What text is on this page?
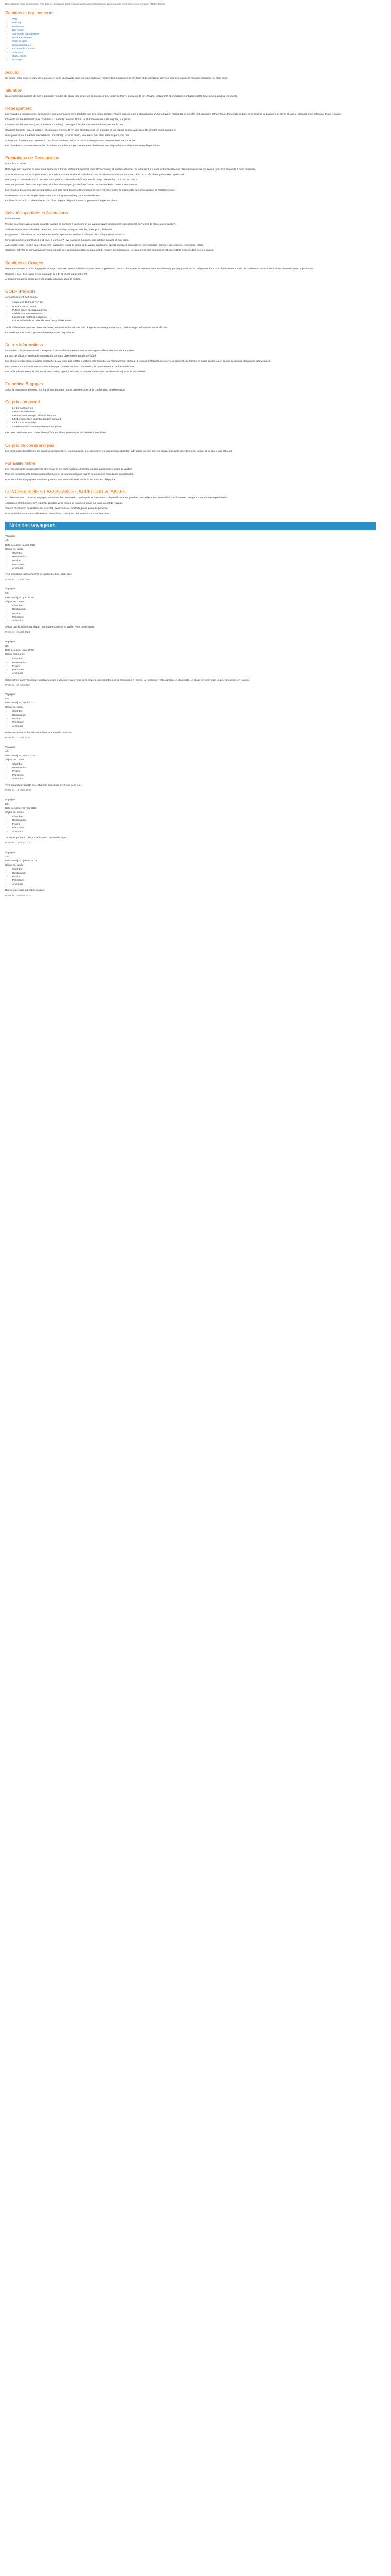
Description / Autre composition / Ce prix ne comprend pas/Formalités/Consignes/Conditions générales de vente Carrefour Voyages / Dates Extras

Services et équipements
• Wifi
• Parking
• Restaurant
• Bar-snack
• Service de blanchisserie
• Piscine extérieure
• Salle de sport
• Sports nautiques
• Location de voitures
• Animation
• Club enfants
• Boutique
Accueil

Un séjour placé sous le signe de la détente et de la découverte dans un cadre idyllique. Profitez d'un emplacement privilégié et de nombreux services pour des vacances réussies en famille ou entre amis.

Situation

Idéalement situé en bord de mer, à quelques minutes du centre-ville et de ses commerces. L'aéroport se trouve à environ 30 km. Plages, restaurants et animations sont accessibles facilement à pied ou en navette.

Hébergement

Les chambres, spacieuses et lumineuses, sont aménagées avec goût dans un style contemporain. Toutes disposent de la climatisation, d'une télévision écran plat, d'un coffre-fort, d'un mini-réfrigérateur, d'une salle de bain avec douche ou baignoire et sèche-cheveux, ainsi que d'un balcon ou d'une terrasse.

Chambre double standard (max. 2 adultes + 1 enfant) : environ 25 m², un lit double ou deux lits simples, vue jardin.

Chambre double vue mer (max. 2 adultes + 1 enfant) : identique à la chambre standard avec vue sur la mer.

Chambre familiale (max. 2 adultes + 2 enfants) : environ 35 m², une chambre avec un lit double et un espace séparé avec deux lits simples ou un canapé-lit.

Suite junior (max. 3 adultes ou 2 adultes + 2 enfants) : environ 45 m², un espace nuit et un salon séparé, vue mer.

Suite (max. 4 personnes) : environ 60 m², deux chambres, salon, terrasse aménagée avec vue panoramique sur la mer.

Les chambres communicantes et les chambres adaptées aux personnes à mobilité réduite sont disponibles sur demande, selon disponibilités.

Prestations de Restauration

Formule tout inclus

Petit-déjeuner, déjeuner et dîner sous forme de buffet au restaurant principal, avec show-cooking et soirées à thème. Un restaurant à la carte est accessible sur réservation une fois par séjour (pour tout séjour de 7 nuits minimum).

Snacks servis au bar de la piscine de 10h à 18h. Boissons locales alcoolisées et non alcoolisées servies au verre de 10h à 23h. Café, thé et pâtisseries l'après-midi.

Bar principal : ouvert de 10h à 00h. Bar de la piscine : ouvert de 10h à 18h. Bar de plage : ouvert de 10h à 18h en saison.

Avec supplément : boissons importées, vins fins, champagne, jus de fruits frais et certains cocktails. Service en chambre.

Les horaires d'ouverture des restaurants et des bars sont donnés à titre indicatif et peuvent varier selon la saison et le taux d'occupation de l'établissement.

Une tenue correcte est exigée au restaurant le soir (pantalon long pour les messieurs).

Le dîner du 24 et du 31 décembre est un dîner de gala obligatoire, avec supplément à régler sur place.

Activités sportives et Animations

Inclus/Gratuit

Piscine extérieure avec espace enfants, transats et parasols à la piscine et sur la plage (dans la limite des disponibilités), serviettes de plage (avec caution).

Salle de fitness, tennis de table, pétanque, beach-volley, aquagym, aérobic, water-polo, fléchettes.

Programme d'animations en journée et en soirée, spectacles, soirées à thème et discothèque selon la saison.

Mini-club pour les enfants de 4 à 12 ans, 6 jours sur 7, avec activités ludiques, jeux, ateliers créatifs et mini-disco.

Avec supplément : centre spa et bien-être (massages, soins du corps et du visage, hammam), sports nautiques motorisés et non motorisés, plongée sous-marine, excursions, billard.

Certaines activités et animations peuvent dépendre des conditions météorologiques et du nombre de participants. Le programme des animations est susceptible d'être modifié selon la saison.

Services et Congés

Réception ouverte 24h/24, bagagerie, change, boutique, service de blanchisserie (avec supplément), service de location de voitures (avec supplément), parking gratuit, accès Wifi gratuit dans tout l'établissement, salle de conférence, service médical sur demande (avec supplément).

Horaires : 24h - 24h (avec check-in à partir de 14h et check-out avant 12h).

Animaux non admis. Carte de crédit exigée à l'arrivée pour la caution.

GOLF (Payant)

À l'établissement Golf Course

• 1 parcours 18 trous PAR 72
• Practice de 25 postes
• Putting green et chipping green
• Club house avec restaurant
• Location de matériel et chariots
• Cours individuels et collectifs avec des professionnels

Tarifs préférentiels pour les clients de l'hôtel, réservation des départs à la réception. Navette gratuite entre l'hôtel et le golf selon les horaires affichés.

Le handicap et la licence peuvent être exigés selon le parcours.

Autres informations

Le nombre d'étoiles mentionné correspond à la classification en normes locales et peut différer des normes françaises.

La taxe de séjour, si applicable, est à régler sur place directement auprès de l'hôtel.

Les photos sont présentées à titre indicatif et peuvent ne pas refléter exactement la chambre ou l'hébergement attribué. Certaines installations ou services peuvent être fermés en basse saison ou en cas de conditions climatiques défavorables.

Il est recommandé d'avoir une assurance voyage couvrant les frais d'annulation, de rapatriement et de frais médicaux.

Les tarifs affichés sont calculés sur la base de l'occupation indiquée et peuvent varier selon les dates de séjour et la disponibilité.

Franchise Bagages

Selon la compagnie aérienne, vos franchises bagages seront précisées lors de la confirmation de réservation.

Ce prix comprend
• Le transport aérien
• Les taxes aériennes
• Les transferts aéroport / hôtel / aéroport
• L'hébergement en chambre double standard
• La formule tout inclus
• L'assistance de notre représentant sur place

Les taxes aériennes sont susceptibles d'être modifiées jusqu'au jour de l'émission des billets.

Ce prix ne comprend pas

Les assurances facultatives, les dépenses personnelles, les pourboires, les excursions, les suppléments chambre individuelle ou vue mer, les activités payantes mentionnées, la taxe de séjour le cas échéant.

Formalité fiable

Les ressortissants français doivent être munis d'une carte nationale d'identité ou d'un passeport en cours de validité.

Pour les ressortissants d'autres nationalités, merci de vous renseigner auprès des autorités consulaires compétentes.

Pour les mineurs voyageant sans leurs parents, une autorisation de sortie du territoire est obligatoire.

CONCIERGERIE ET ASSISTANCE CARREFOUR VOYAGES

En réservant avec Carrefour Voyages, bénéficiez d'un service de conciergerie et d'assistance disponible avant et pendant votre séjour. Nos conseillers sont à votre écoute pour toute demande particulière.

Assistance téléphonique 7j/7 et 24h/24 pendant votre séjour au numéro indiqué sur votre carnet de voyage.

Service réservation de restaurants, activités, excursions et transferts privés selon disponibilité.

Pour toute demande de modification ou d'annulation, contactez directement notre service client.

Note des voyageurs

Voyageur

4/5

Date de séjour : juillet 2023

Séjour en famille

• Chambre
• Restauration
• Piscine
• Personnel
• Animation

Très bon séjour, personnel très accueillant et hôtel bien situé.

Posté le : 15 août 2023

Voyageur

5/5

Date de séjour : juin 2023

Séjour en couple

• Chambre
• Restauration
• Piscine
• Personnel
• Animation

Séjour parfait, hôtel magnifique, nourriture excellente et variée. Nous reviendrons.

Posté le : 2 juillet 2023

Voyageur

3/5

Date de séjour : mai 2023

Séjour entre amis

• Chambre
• Restauration
• Piscine
• Personnel
• Animation

Hôtel correct dans l'ensemble, quelques points à améliorer au niveau de la propreté des chambres et de l'animation en soirée. Le personnel reste agréable et disponible. La plage est belle mais un peu fréquentée en journée.

Posté le : 28 mai 2023

Voyageur

4/5

Date de séjour : avril 2023

Séjour en famille

• Chambre
• Restauration
• Piscine
• Personnel
• Animation

Belles vacances en famille, les enfants ont adoré le mini-club.

Posté le : 20 avril 2023

Voyageur

4/5

Date de séjour : mars 2023

Séjour en couple

• Chambre
• Restauration
• Piscine
• Personnel
• Animation

Très bon rapport qualité prix. Chambre spacieuse avec une belle vue.

Posté le : 14 mars 2023

Voyageur

5/5

Date de séjour : février 2023

Séjour en couple

• Chambre
• Restauration
• Piscine
• Personnel
• Animation

Tout était parfait du début à la fin, merci à toute l'équipe.

Posté le : 1 mars 2023

Voyageur

4/5

Date de séjour : janvier 2023

Séjour en famille

• Chambre
• Restauration
• Piscine
• Personnel
• Animation

Bon séjour, cadre agréable et calme.

Posté le : 5 février 2023
